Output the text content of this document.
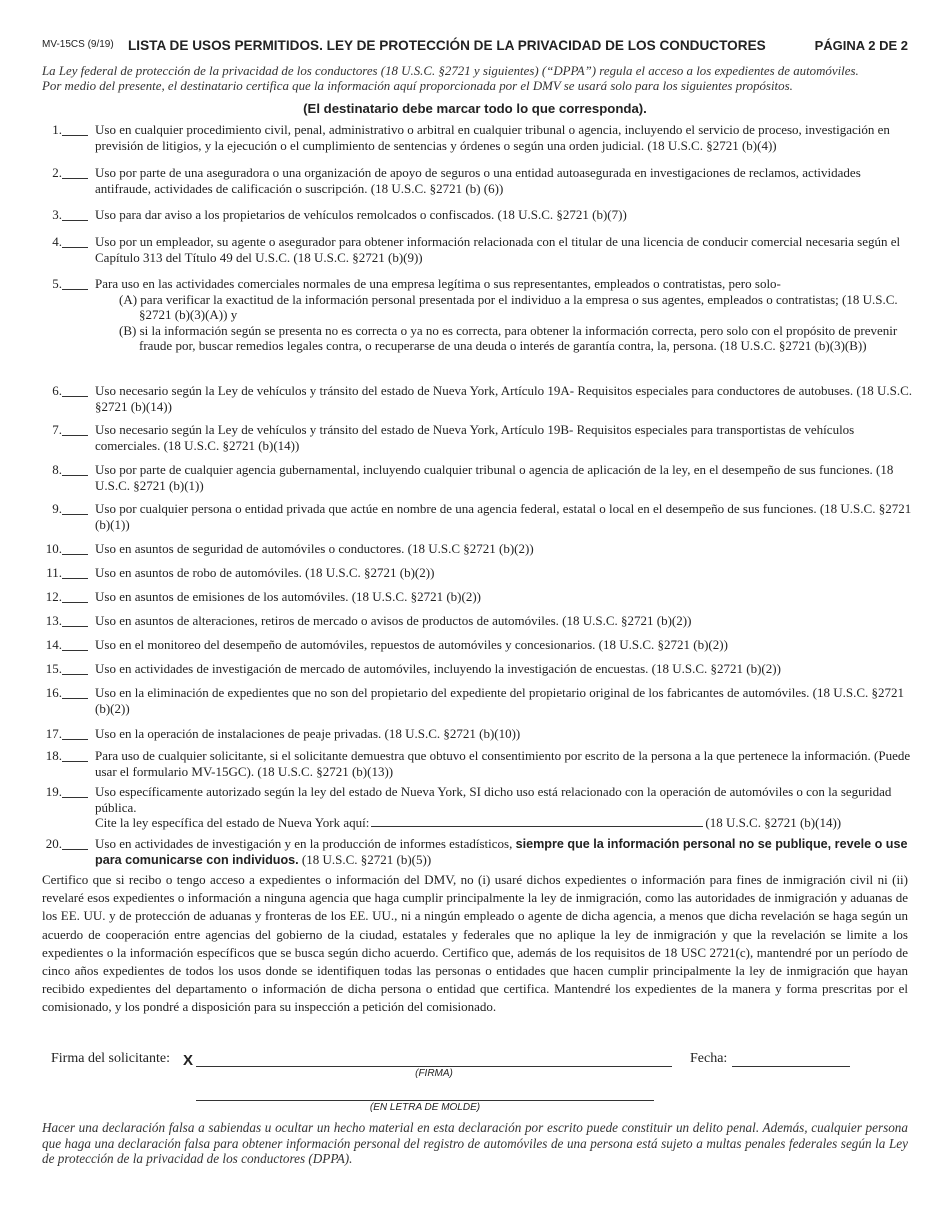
MV-15CS (9/19) LISTA DE USOS PERMITIDOS. LEY DE PROTECCIÓN DE LA PRIVACIDAD DE LOS CONDUCTORES	PÁGINA 2 DE 2
La Ley federal de protección de la privacidad de los conductores (18 U.S.C. §2721 y siguientes) (“DPPA”) regula el acceso a los expedientes de automóviles.
Por medio del presente, el destinatario certifica que la información aquí proporcionada por el DMV se usará solo para los siguientes propósitos.
(El destinatario debe marcar todo lo que corresponda).
1.	Uso en cualquier procedimiento civil, penal, administrativo o arbitral en cualquier tribunal o agencia, incluyendo el servicio de proceso, investigación en previsión de litigios, y la ejecución o el cumplimiento de sentencias y órdenes o según una orden judicial. (18 U.S.C. §2721 (b)(4))
2.	Uso por parte de una aseguradora o una organización de apoyo de seguros o una entidad autoasegurada en investigaciones de reclamos, actividades antifraude, actividades de calificación o suscripción. (18 U.S.C. §2721 (b) (6))
3.	Uso para dar aviso a los propietarios de vehículos remolcados o confiscados. (18 U.S.C. §2721 (b)(7))
4.	Uso por un empleador, su agente o asegurador para obtener información relacionada con el titular de una licencia de conducir comercial necesaria según el Capítulo 313 del Título 49 del U.S.C. (18 U.S.C. §2721 (b)(9))
5.	Para uso en las actividades comerciales normales de una empresa legítima o sus representantes, empleados o contratistas, pero solo-
(A) para verificar la exactitud de la información personal presentada por el individuo a la empresa o sus agentes, empleados o contratistas; (18 U.S.C. §2721 (b)(3)(A)) y
(B) si la información según se presenta no es correcta o ya no es correcta, para obtener la información correcta, pero solo con el propósito de prevenir fraude por, buscar remedios legales contra, o recuperarse de una deuda o interés de garantía contra, la, persona. (18 U.S.C. §2721 (b)(3)(B))
6.	Uso necesario según la Ley de vehículos y tránsito del estado de Nueva York, Artículo 19A- Requisitos especiales para conductores de autobuses. (18 U.S.C. §2721 (b)(14))
7.	Uso necesario según la Ley de vehículos y tránsito del estado de Nueva York, Artículo 19B- Requisitos especiales para transportistas de vehículos comerciales. (18 U.S.C. §2721 (b)(14))
8.	Uso por parte de cualquier agencia gubernamental, incluyendo cualquier tribunal o agencia de aplicación de la ley, en el desempeño de sus funciones. (18 U.S.C. §2721 (b)(1))
9.	Uso por cualquier persona o entidad privada que actúe en nombre de una agencia federal, estatal o local en el desempeño de sus funciones. (18 U.S.C. §2721 (b)(1))
10.	Uso en asuntos de seguridad de automóviles o conductores. (18 U.S.C §2721 (b)(2))
11.	Uso en asuntos de robo de automóviles. (18 U.S.C. §2721 (b)(2))
12.	Uso en asuntos de emisiones de los automóviles. (18 U.S.C. §2721 (b)(2))
13.	Uso en asuntos de alteraciones, retiros de mercado o avisos de productos de automóviles. (18 U.S.C. §2721 (b)(2))
14.	Uso en el monitoreo del desempeño de automóviles, repuestos de automóviles y concesionarios. (18 U.S.C. §2721 (b)(2))
15.	Uso en actividades de investigación de mercado de automóviles, incluyendo la investigación de encuestas. (18 U.S.C. §2721 (b)(2))
16.	Uso en la eliminación de expedientes que no son del propietario del expediente del propietario original de los fabricantes de automóviles. (18 U.S.C. §2721 (b)(2))
17.	Uso en la operación de instalaciones de peaje privadas. (18 U.S.C. §2721 (b)(10))
18.	Para uso de cualquier solicitante, si el solicitante demuestra que obtuvo el consentimiento por escrito de la persona a la que pertenece la información. (Puede usar el formulario MV-15GC). (18 U.S.C. §2721 (b)(13))
19.	Uso específicamente autorizado según la ley del estado de Nueva York, SI dicho uso está relacionado con la operación de automóviles o con la seguridad pública.
Cite la ley específica del estado de Nueva York aquí:	(18 U.S.C. §2721 (b)(14))
20.	Uso en actividades de investigación y en la producción de informes estadísticos, siempre que la información personal no se publique, revele o use para comunicarse con individuos. (18 U.S.C. §2721 (b)(5))
Certifico que si recibo o tengo acceso a expedientes o información del DMV, no (i) usaré dichos expedientes o información para fines de inmigración civil ni (ii) revelaré esos expedientes o información a ninguna agencia que haga cumplir principalmente la ley de inmigración, como las autoridades de inmigración y aduanas de los EE. UU. y de protección de aduanas y fronteras de los EE. UU., ni a ningún empleado o agente de dicha agencia, a menos que dicha revelación se haga según un acuerdo de cooperación entre agencias del gobierno de la ciudad, estatales y federales que no aplique la ley de inmigración y que la revelación se limite a los expedientes o la información específicos que se busca según dicho acuerdo. Certifico que, además de los requisitos de 18 USC 2721(c), mantendré por un período de cinco años expedientes de todos los usos donde se identifiquen todas las personas o entidades que hacen cumplir principalmente la ley de inmigración que hayan recibido expedientes del departamento o información de dicha persona o entidad que certifica. Mantendré los expedientes de la manera y forma prescritas por el comisionado, y los pondré a disposición para su inspección a petición del comisionado.
Firma del solicitante: X
(FIRMA)
Fecha:
(EN LETRA DE MOLDE)
Hacer una declaración falsa a sabiendas u ocultar un hecho material en esta declaración por escrito puede constituir un delito penal. Además, cualquier persona que haga una declaración falsa para obtener información personal del registro de automóviles de una persona está sujeto a multas penales federales según la Ley de protección de la privacidad de los conductores (DPPA).
